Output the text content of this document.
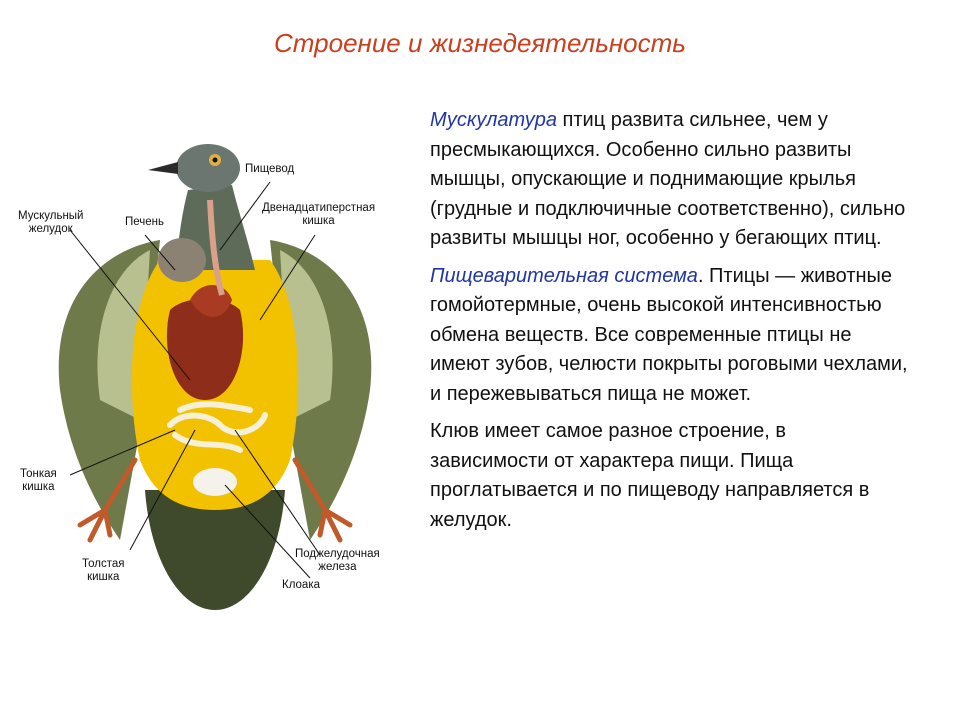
Строение и жизнедеятельность
Пищевод
Мускульный
желудок
Печень
Двенадцатиперстная
кишка
Тонкая
кишка
Толстая
кишка
Поджелудочная
железа
Клоака

Мускулатура птиц развита сильнее, чем у пресмыкающихся. Особенно сильно развиты мышцы, опускающие и поднимающие крылья (грудные и подключичные соответственно), сильно развиты мышцы ног, особенно у бегающих птиц.

Пищеварительная система. Птицы — животные гомойотермные, очень высокой интенсивностью обмена веществ. Все современные птицы не имеют зубов, челюсти покрыты роговыми чехлами, и пережевываться пища не может.

Клюв имеет самое разное строение, в зависимости от характера пищи. Пища проглатывается и по пищеводу направляется в желудок.
